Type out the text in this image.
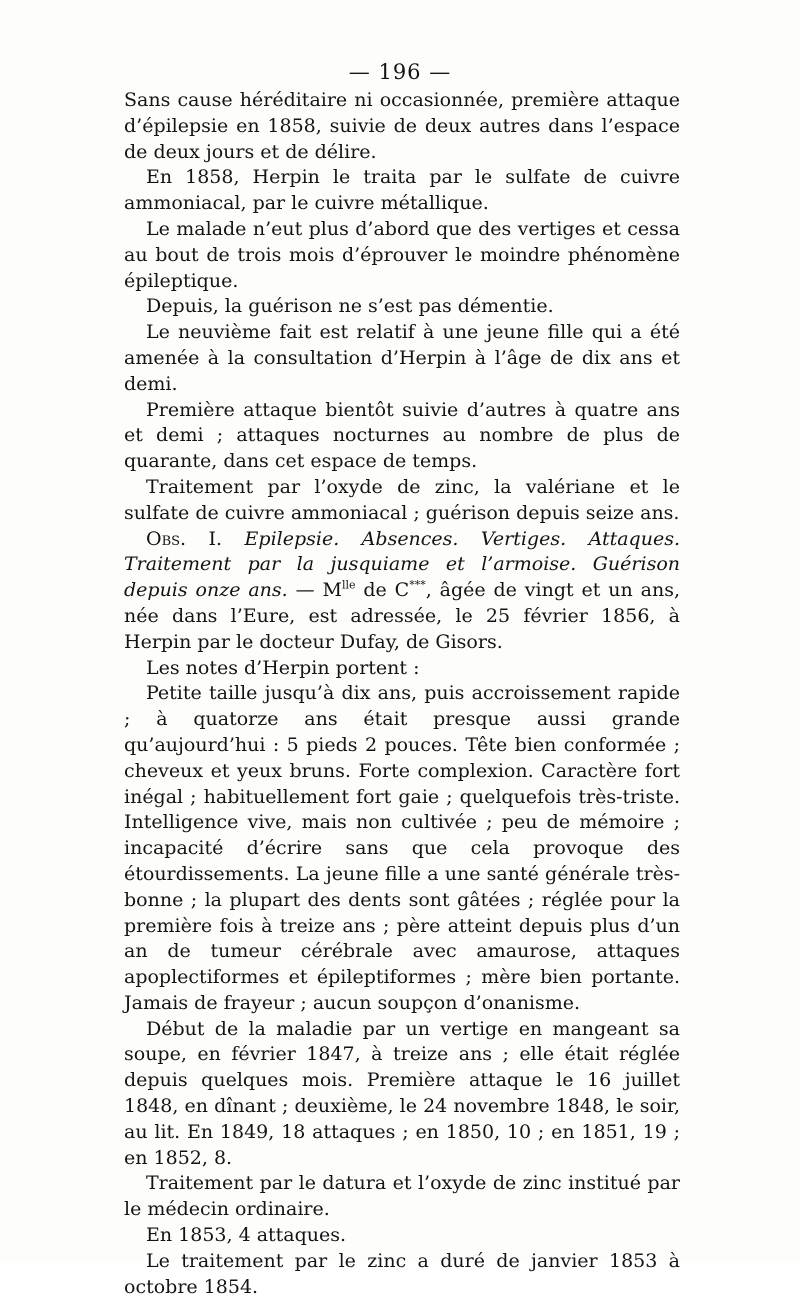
— 196 —

Sans cause héréditaire ni occasionnée, première attaque d’épilepsie en 1858, suivie de deux autres dans l’espace de deux jours et de délire.

En 1858, Herpin le traita par le sulfate de cuivre ammoniacal, par le cuivre métallique.

Le malade n’eut plus d’abord que des vertiges et cessa au bout de trois mois d’éprouver le moindre phénomène épileptique.

Depuis, la guérison ne s’est pas démentie.

Le neuvième fait est relatif à une jeune fille qui a été amenée à la consultation d’Herpin à l’âge de dix ans et demi.

Première attaque bientôt suivie d’autres à quatre ans et demi ; attaques nocturnes au nombre de plus de quarante, dans cet espace de temps.

Traitement par l’oxyde de zinc, la valériane et le sulfate de cuivre ammoniacal ; guérison depuis seize ans.

Obs. I. Epilepsie. Absences. Vertiges. Attaques. Traitement par la jusquiame et l’armoise. Guérison depuis onze ans. — $M^{lle}$ de C***, âgée de vingt et un ans, née dans l’Eure, est adressée, le 25 février 1856, à Herpin par le docteur Dufay, de Gisors.

Les notes d’Herpin portent :

Petite taille jusqu’à dix ans, puis accroissement rapide ; à quatorze ans était presque aussi grande qu’aujourd’hui : 5 pieds 2 pouces. Tête bien conformée ; cheveux et yeux bruns. Forte complexion. Caractère fort inégal ; habituellement fort gaie ; quelquefois très-triste. Intelligence vive, mais non cultivée ; peu de mémoire ; incapacité d’écrire sans que cela provoque des étourdissements. La jeune fille a une santé générale très-bonne ; la plupart des dents sont gâtées ; réglée pour la première fois à treize ans ; père atteint depuis plus d’un an de tumeur cérébrale avec amaurose, attaques apoplectiformes et épileptiformes ; mère bien portante. Jamais de frayeur ; aucun soupçon d’onanisme.

Début de la maladie par un vertige en mangeant sa soupe, en février 1847, à treize ans ; elle était réglée depuis quelques mois. Première attaque le 16 juillet 1848, en dînant ; deuxième, le 24 novembre 1848, le soir, au lit. En 1849, 18 attaques ; en 1850, 10 ; en 1851, 19 ; en 1852, 8.

Traitement par le datura et l’oxyde de zinc institué par le médecin ordinaire.

En 1853, 4 attaques.

Le traitement par le zinc a duré de janvier 1853 à octobre 1854.
